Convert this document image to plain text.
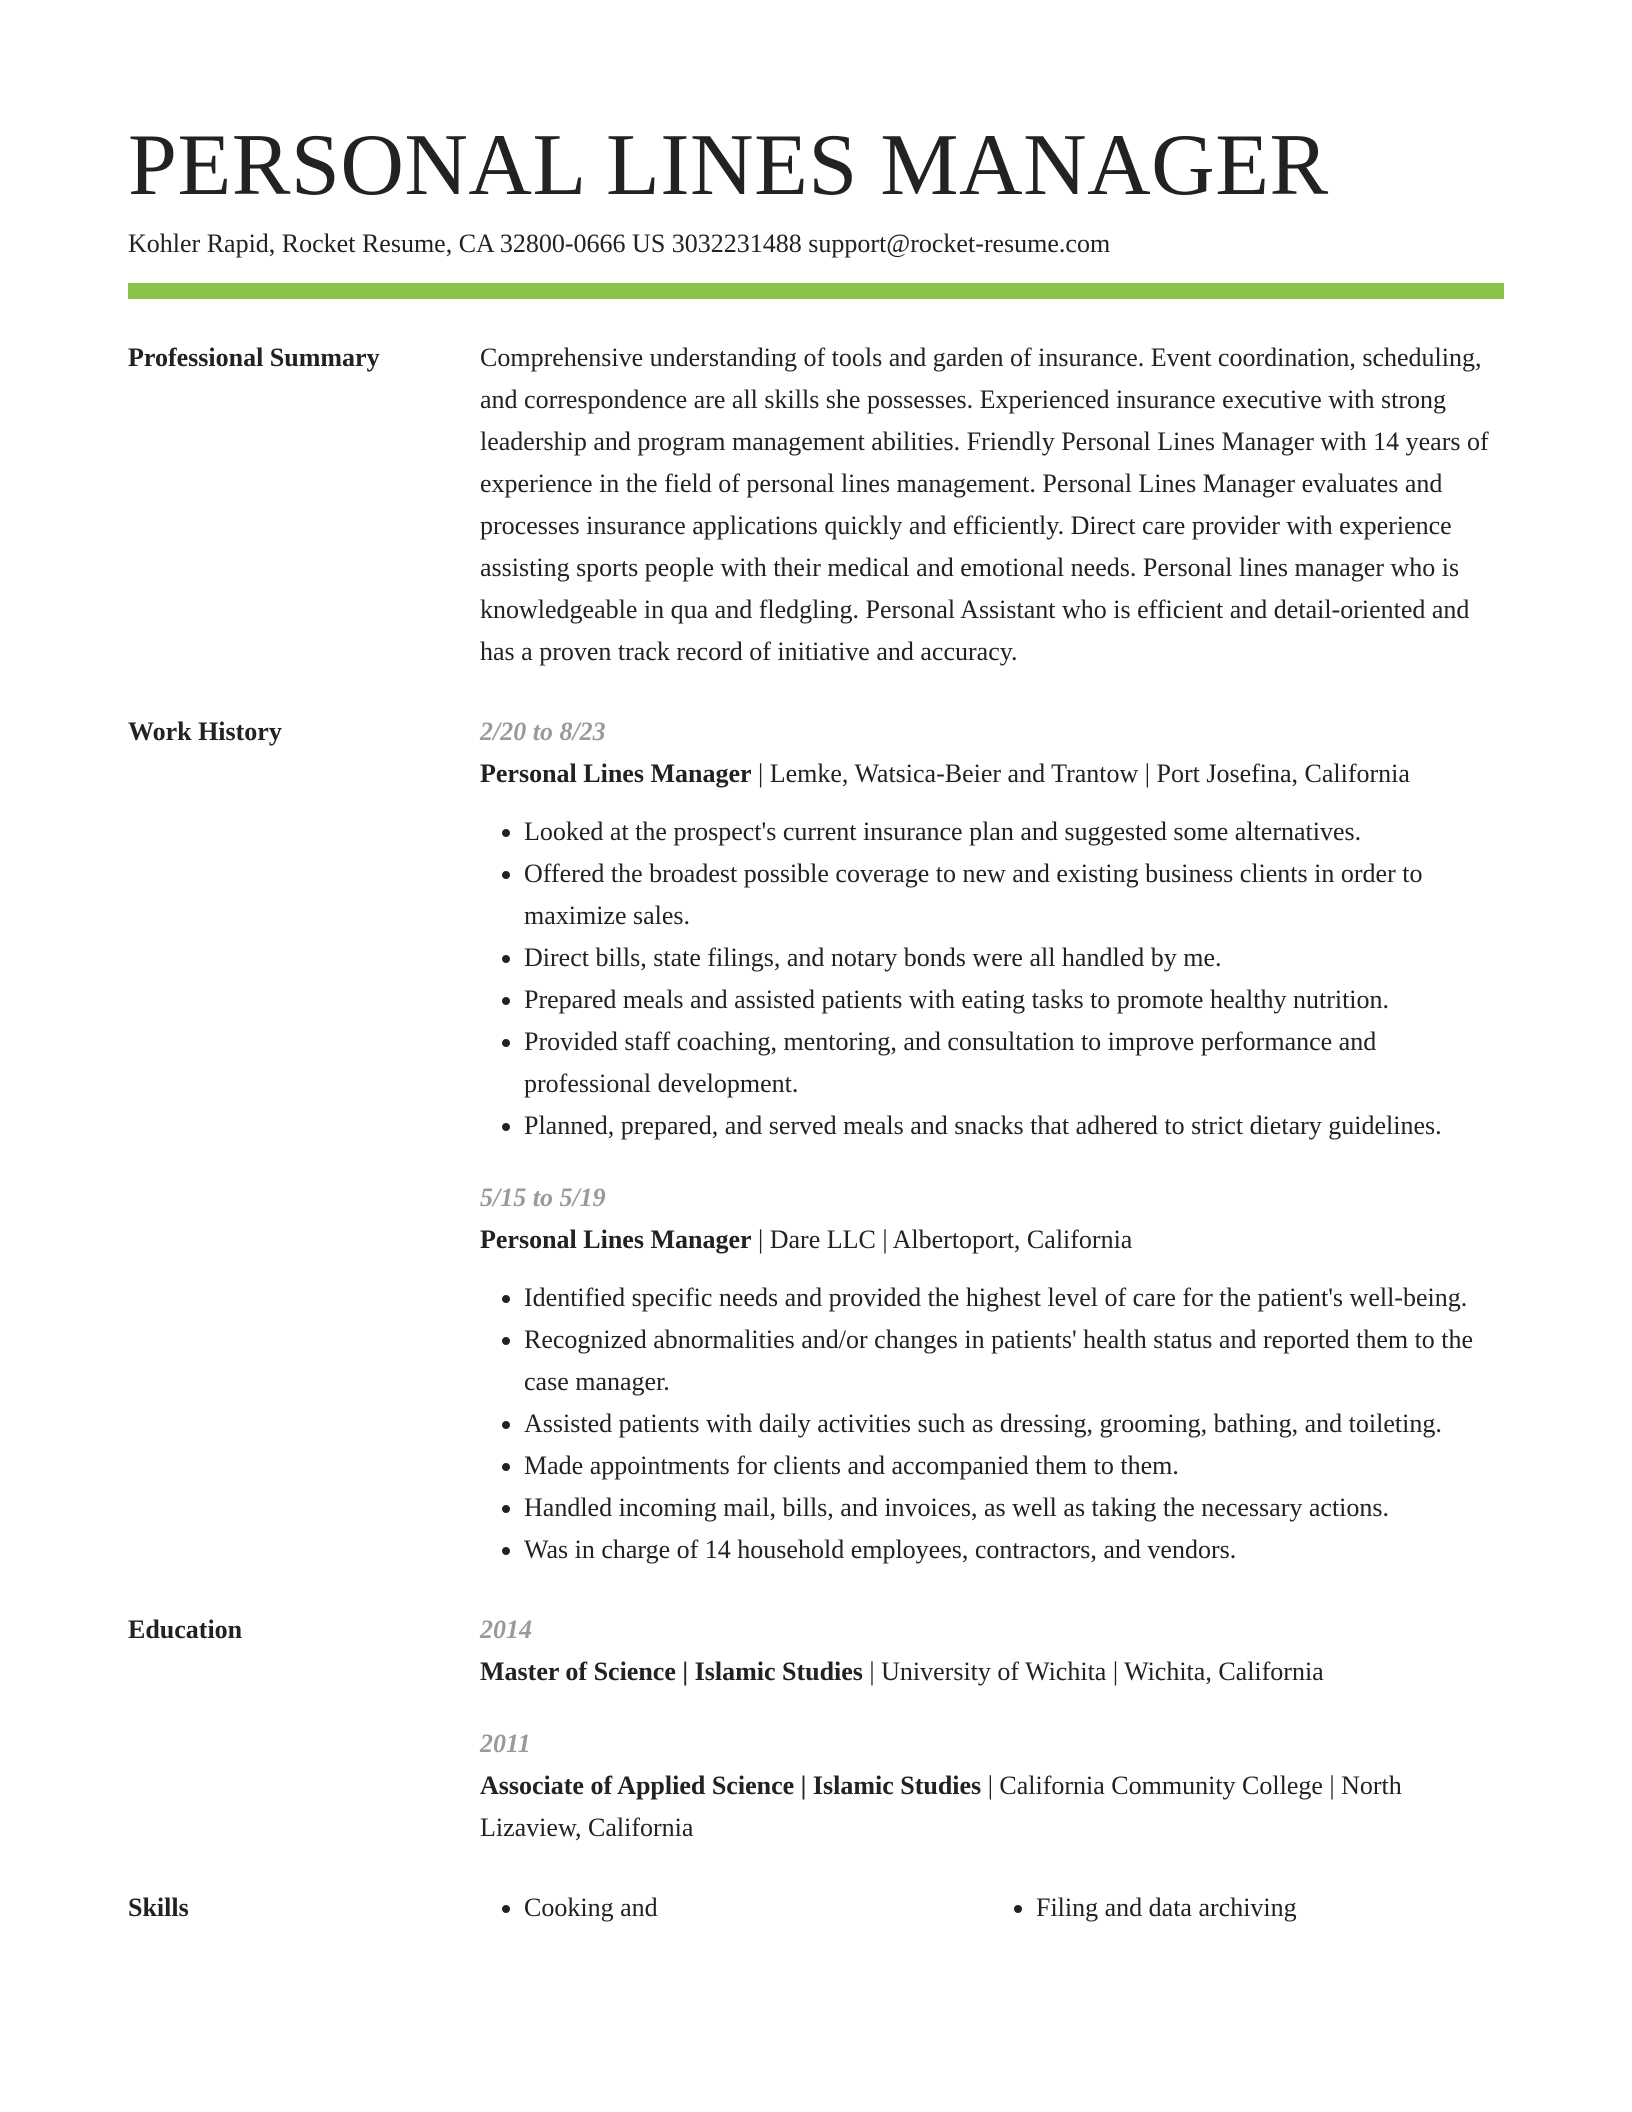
PERSONAL LINES MANAGER
Kohler Rapid, Rocket Resume, CA 32800-0666 US 3032231488 support@rocket-resume.com
Professional Summary	Comprehensive understanding of tools and garden of insurance. Event coordination, scheduling, and correspondence are all skills she possesses. Experienced insurance executive with strong leadership and program management abilities. Friendly Personal Lines Manager with 14 years of experience in the field of personal lines management. Personal Lines Manager evaluates and processes insurance applications quickly and efficiently. Direct care provider with experience assisting sports people with their medical and emotional needs. Personal lines manager who is knowledgeable in qua and fledgling. Personal Assistant who is efficient and detail-oriented and has a proven track record of initiative and accuracy.

Work History	2/20 to 8/23
Personal Lines Manager | Lemke, Watsica-Beier and Trantow | Port Josefina, California
• Looked at the prospect's current insurance plan and suggested some alternatives.
• Offered the broadest possible coverage to new and existing business clients in order to maximize sales.
• Direct bills, state filings, and notary bonds were all handled by me.
• Prepared meals and assisted patients with eating tasks to promote healthy nutrition.
• Provided staff coaching, mentoring, and consultation to improve performance and professional development.
• Planned, prepared, and served meals and snacks that adhered to strict dietary guidelines.
5/15 to 5/19
Personal Lines Manager | Dare LLC | Albertoport, California
• Identified specific needs and provided the highest level of care for the patient's well-being.
• Recognized abnormalities and/or changes in patients' health status and reported them to the case manager.
• Assisted patients with daily activities such as dressing, grooming, bathing, and toileting.
• Made appointments for clients and accompanied them to them.
• Handled incoming mail, bills, and invoices, as well as taking the necessary actions.
• Was in charge of 14 household employees, contractors, and vendors.
Education	2014
Master of Science | Islamic Studies | University of Wichita | Wichita, California
2011
Associate of Applied Science | Islamic Studies | California Community College | North Lizaview, California
Skills	• Cooking and	• Filing and data archiving
